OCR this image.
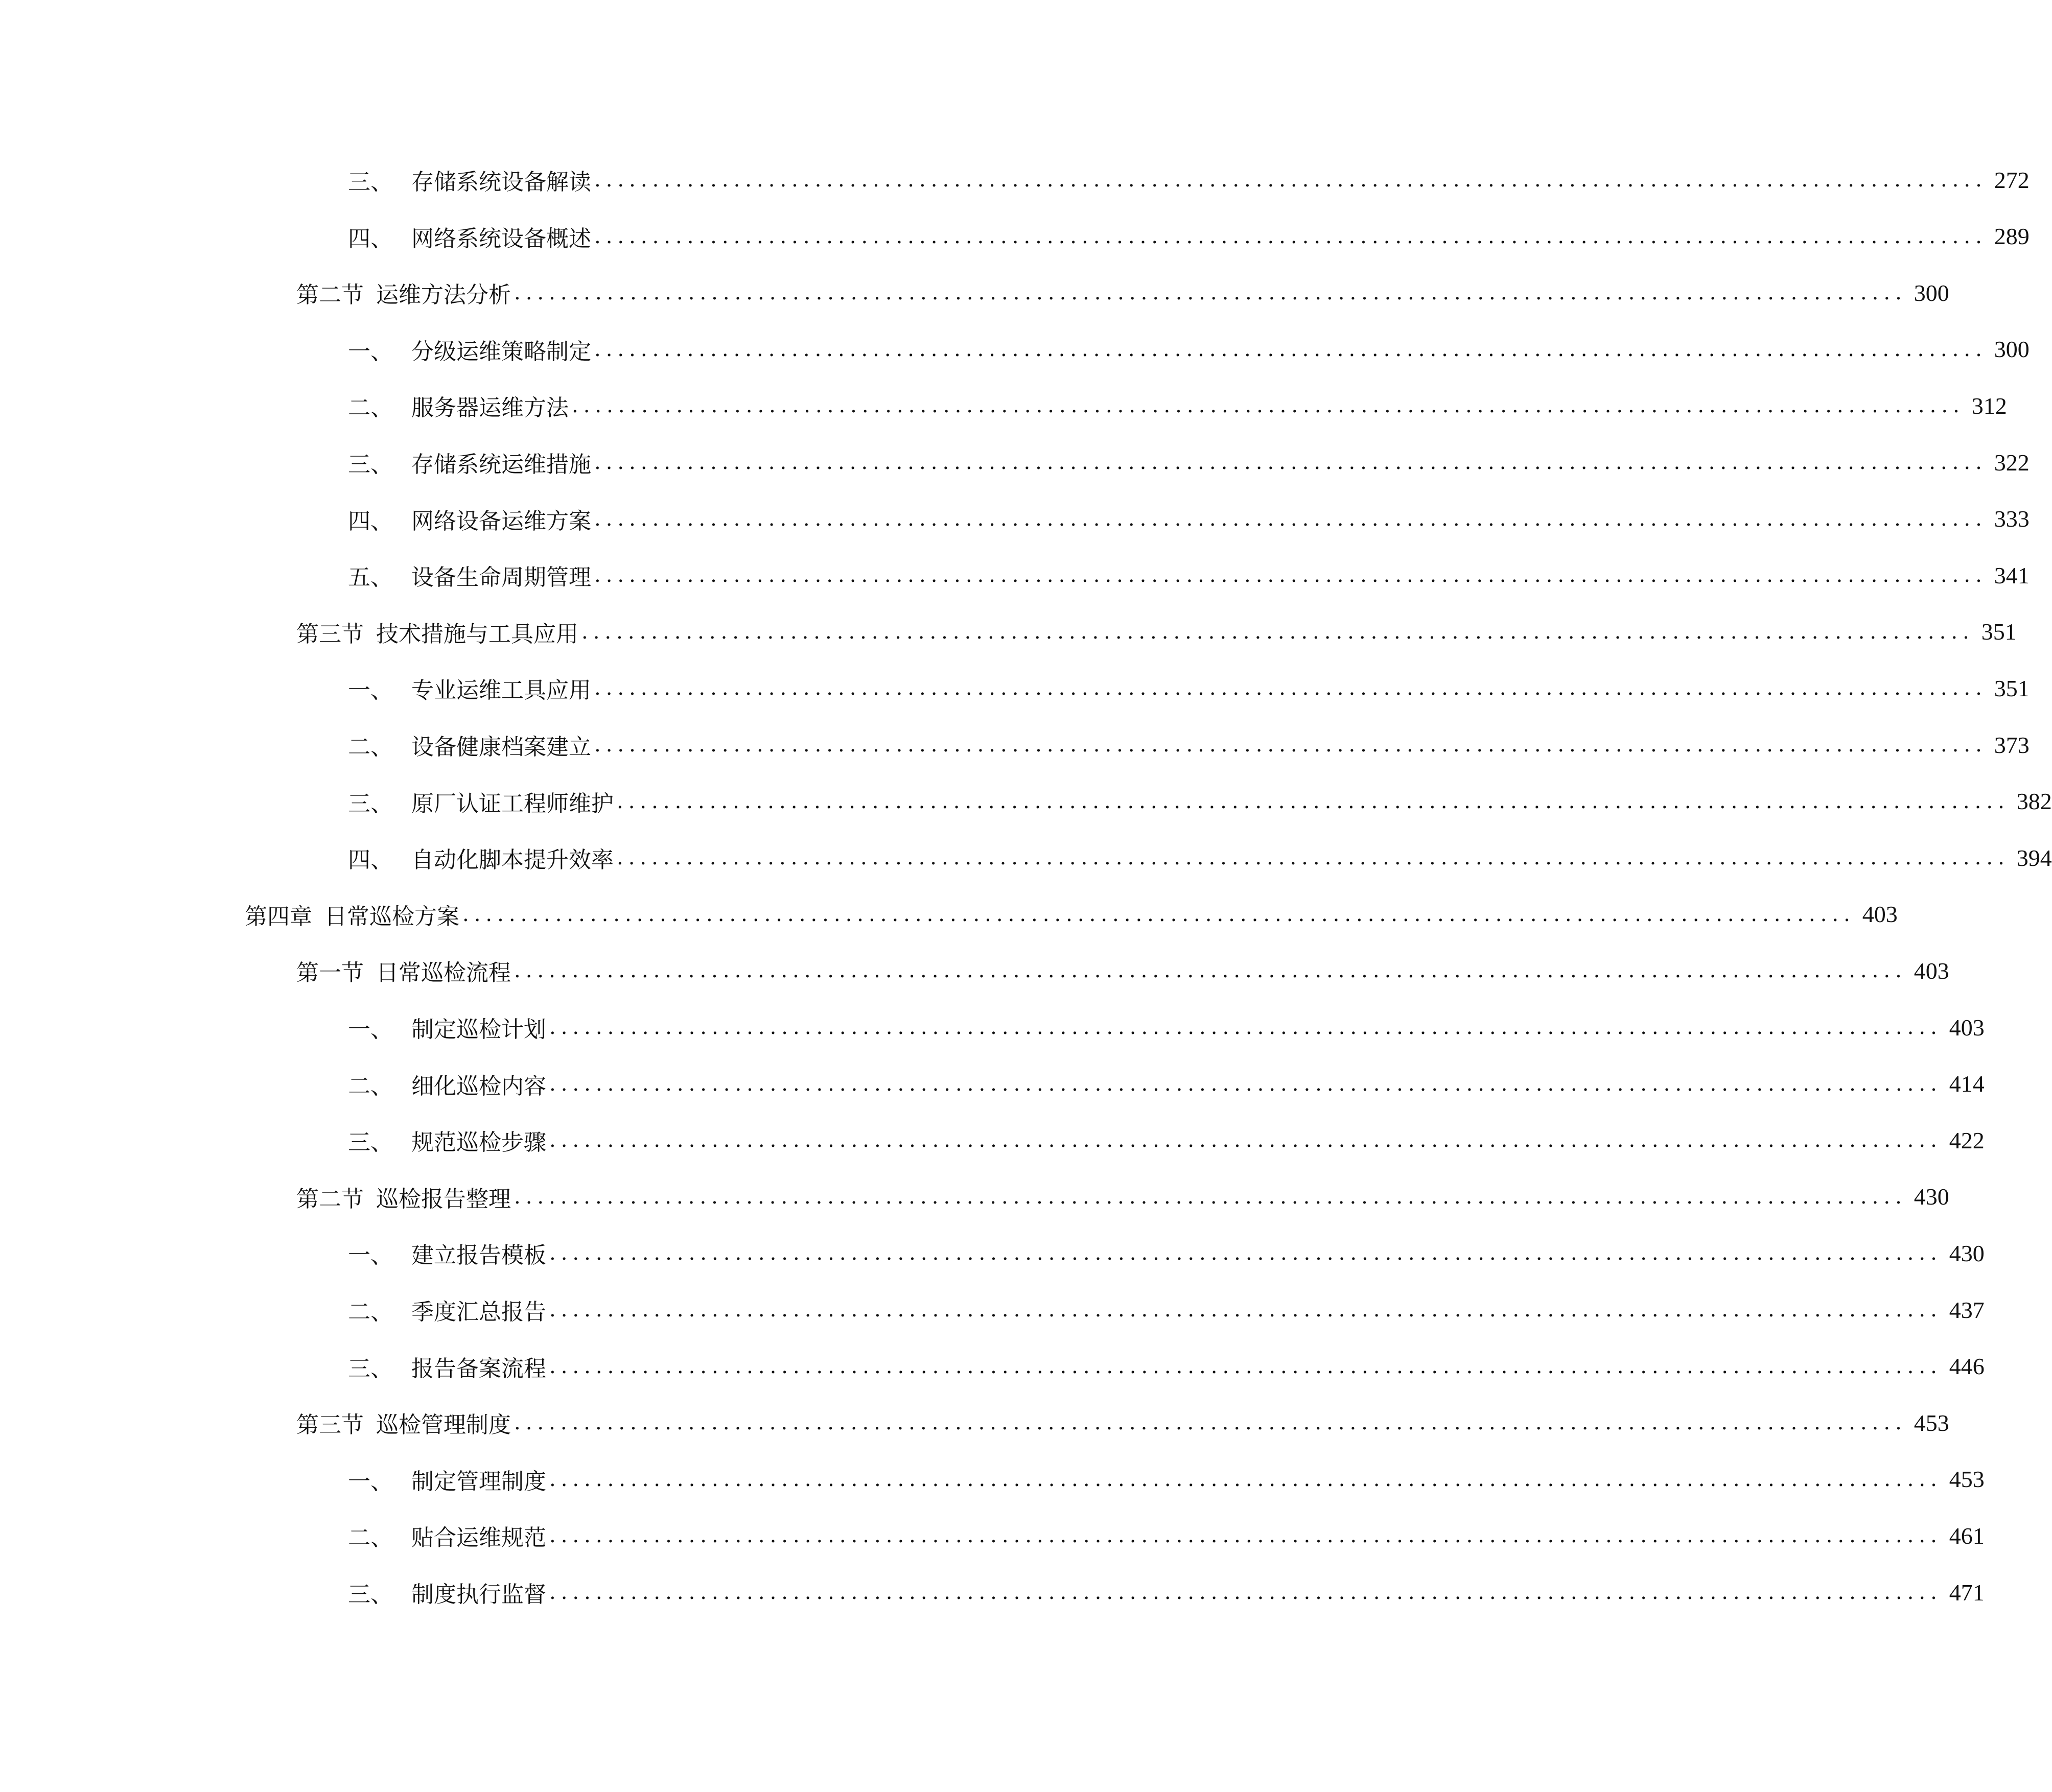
三、 存储系统设备解读 ........................................................................................................................ 272
四、 网络系统设备概述 ........................................................................................................................ 289
第二节 运维方法分析 ........................................................................................................................ 300
一、 分级运维策略制定 ........................................................................................................................ 300
二、 服务器运维方法 ........................................................................................................................ 312
三、 存储系统运维措施 ........................................................................................................................ 322
四、 网络设备运维方案 ........................................................................................................................ 333
五、 设备生命周期管理 ........................................................................................................................ 341
第三节 技术措施与工具应用 ........................................................................................................................ 351
一、 专业运维工具应用 ........................................................................................................................ 351
二、 设备健康档案建立 ........................................................................................................................ 373
三、 原厂认证工程师维护 ........................................................................................................................ 382
四、 自动化脚本提升效率 ........................................................................................................................ 394
第四章 日常巡检方案 ........................................................................................................................ 403
第一节 日常巡检流程 ........................................................................................................................ 403
一、 制定巡检计划 ........................................................................................................................ 403
二、 细化巡检内容 ........................................................................................................................ 414
三、 规范巡检步骤 ........................................................................................................................ 422
第二节 巡检报告整理 ........................................................................................................................ 430
一、 建立报告模板 ........................................................................................................................ 430
二、 季度汇总报告 ........................................................................................................................ 437
三、 报告备案流程 ........................................................................................................................ 446
第三节 巡检管理制度 ........................................................................................................................ 453
一、 制定管理制度 ........................................................................................................................ 453
二、 贴合运维规范 ........................................................................................................................ 461
三、 制度执行监督 ........................................................................................................................ 471
